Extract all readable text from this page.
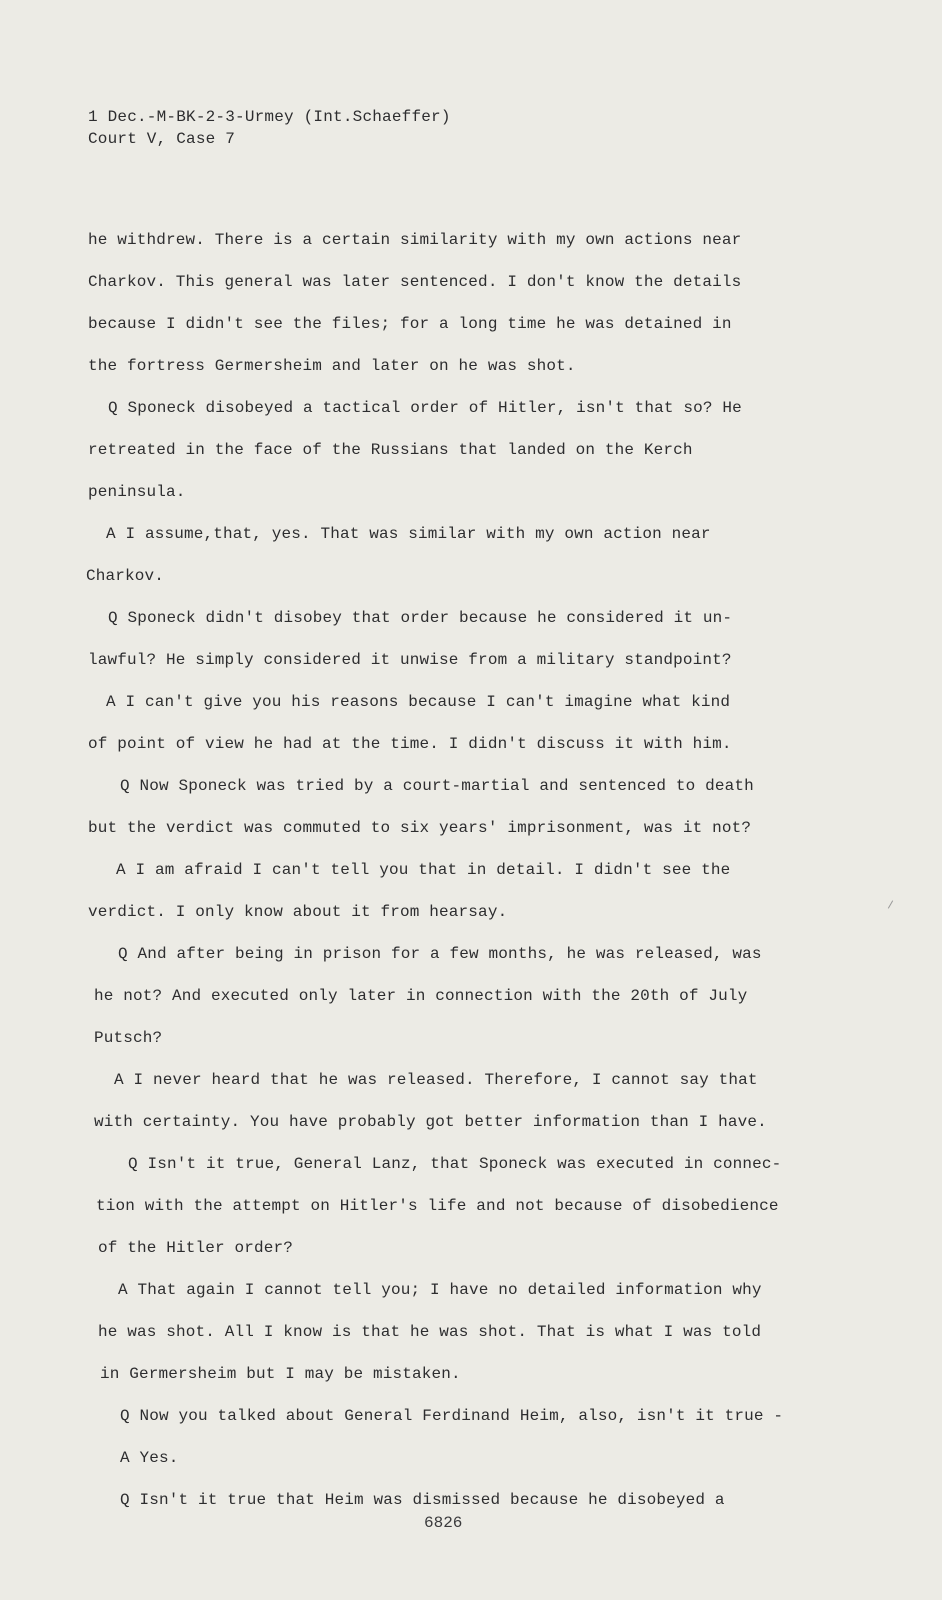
1 Dec.-M-BK-2-3-Urmey (Int.Schaeffer)
Court V, Case 7
he withdrew. There is a certain similarity with my own actions near
Charkov. This general was later sentenced. I don't know the details
because I didn't see the files; for a long time he was detained in
the fortress Germersheim and later on he was shot.
Q Sponeck disobeyed a tactical order of Hitler, isn't that so? He
retreated in the face of the Russians that landed on the Kerch
peninsula.
A I assume,that, yes. That was similar with my own action near
Charkov.
Q Sponeck didn't disobey that order because he considered it un-
lawful? He simply considered it unwise from a military standpoint?
A I can't give you his reasons because I can't imagine what kind
of point of view he had at the time. I didn't discuss it with him.
Q Now Sponeck was tried by a court-martial and sentenced to death
but the verdict was commuted to six years' imprisonment, was it not?
A I am afraid I can't tell you that in detail. I didn't see the
verdict. I only know about it from hearsay.
Q And after being in prison for a few months, he was released, was
he not? And executed only later in connection with the 20th of July
Putsch?
A I never heard that he was released. Therefore, I cannot say that
with certainty. You have probably got better information than I have.
Q Isn't it true, General Lanz, that Sponeck was executed in connec-
tion with the attempt on Hitler's life and not because of disobedience
of the Hitler order?
A That again I cannot tell you; I have no detailed information why
he was shot. All I know is that he was shot. That is what I was told
in Germersheim but I may be mistaken.
Q Now you talked about General Ferdinand Heim, also, isn't it true -
A Yes.
Q Isn't it true that Heim was dismissed because he disobeyed a
6826
